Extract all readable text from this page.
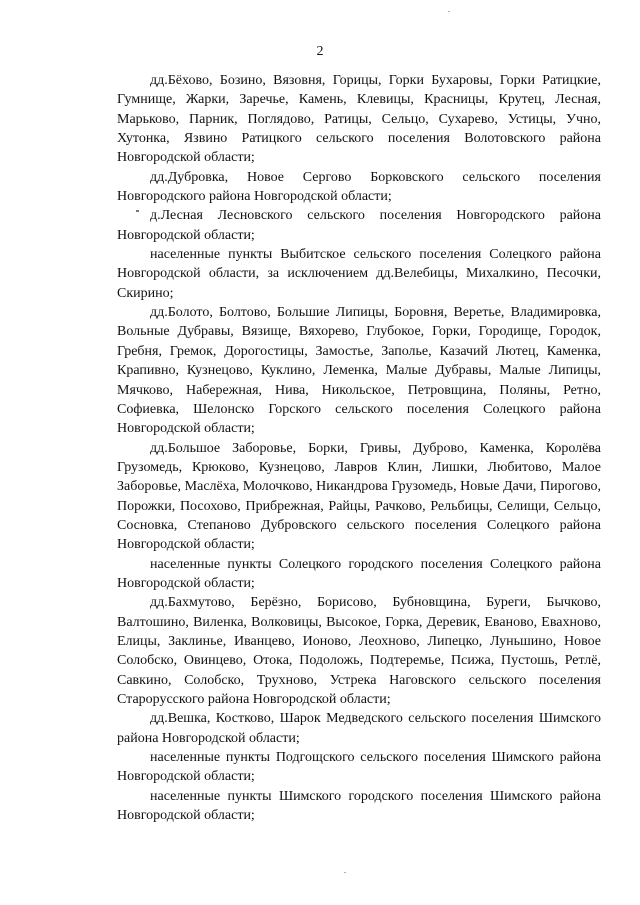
2

дд.Бёхово, Бозино, Вязовня, Горицы, Горки Бухаровы, Горки Ратицкие, Гумнище, Жарки, Заречье, Камень, Клевицы, Красницы, Крутец, Лесная, Марьково, Парник, Поглядово, Ратицы, Сельцо, Сухарево, Устицы, Учно, Хутонка, Язвино Ратицкого сельского поселения Волотовского района Новгородской области;

дд.Дубровка, Новое Сергово Борковского сельского поселения Новгородского района Новгородской области;

д.Лесная Лесновского сельского поселения Новгородского района Новгородской области;

населенные пункты Выбитское сельского поселения Солецкого района Новгородской области, за исключением дд.Велебицы, Михалкино, Песочки, Скирино;

дд.Болото, Болтово, Большие Липицы, Боровня, Веретье, Владимировка, Вольные Дубравы, Вязище, Вяхорево, Глубокое, Горки, Городище, Городок, Гребня, Гремок, Дорогостицы, Замостье, Заполье, Казачий Лютец, Каменка, Крапивно, Кузнецово, Куклино, Леменка, Малые Дубравы, Малые Липицы, Мячково, Набережная, Нива, Никольское, Петровщина, Поляны, Ретно, Софиевка, Шелонско Горского сельского поселения Солецкого района Новгородской области;

дд.Большое Заборовье, Борки, Гривы, Дуброво, Каменка, Королёва Грузомедь, Крюково, Кузнецово, Лавров Клин, Лишки, Любитово, Малое Заборовье, Маслёха, Молочково, Никандрова Грузомедь, Новые Дачи, Пирогово, Порожки, Посохово, Прибрежная, Райцы, Рачково, Рельбицы, Селищи, Сельцо, Сосновка, Степаново Дубровского сельского поселения Солецкого района Новгородской области;

населенные пункты Солецкого городского поселения Солецкого района Новгородской области;

дд.Бахмутово, Берёзно, Борисово, Бубновщина, Буреги, Бычково, Валтошино, Виленка, Волковицы, Высокое, Горка, Деревик, Еваново, Евахново, Елицы, Заклинье, Иванцево, Ионово, Леохново, Липецко, Луньшино, Новое Солобско, Овинцево, Отока, Подоложь, Подтеремье, Псижа, Пустошь, Ретлё, Савкино, Солобско, Трухново, Устрека Наговского сельского поселения Старорусского района Новгородской области;

дд.Вешка, Костково, Шарок Медведского сельского поселения Шимского района Новгородской области;

населенные пункты Подгощского сельского поселения Шимского района Новгородской области;

населенные пункты Шимского городского поселения Шимского района Новгородской области;
